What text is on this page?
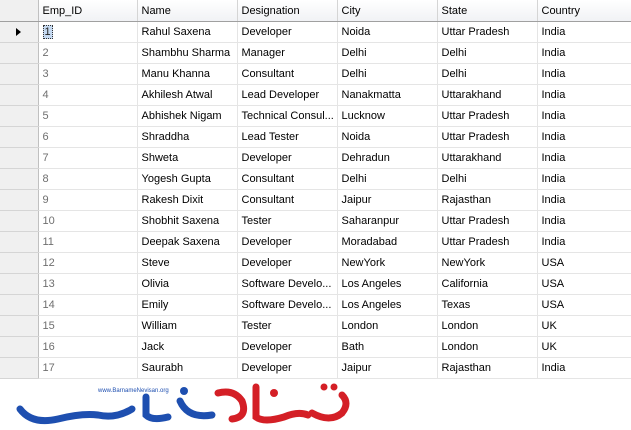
	Emp_ID	Name	Designation	City	State	Country
	1	Rahul Saxena	Developer	Noida	Uttar Pradesh	India
	2	Shambhu Sharma	Manager	Delhi	Delhi	India
	3	Manu Khanna	Consultant	Delhi	Delhi	India
	4	Akhilesh Atwal	Lead Developer	Nanakmatta	Uttarakhand	India
	5	Abhishek Nigam	Technical Consul...	Lucknow	Uttar Pradesh	India
	6	Shraddha	Lead Tester	Noida	Uttar Pradesh	India
	7	Shweta	Developer	Dehradun	Uttarakhand	India
	8	Yogesh Gupta	Consultant	Delhi	Delhi	India
	9	Rakesh Dixit	Consultant	Jaipur	Rajasthan	India
	10	Shobhit Saxena	Tester	Saharanpur	Uttar Pradesh	India
	11	Deepak Saxena	Developer	Moradabad	Uttar Pradesh	India
	12	Steve	Developer	NewYork	NewYork	USA
	13	Olivia	Software Develo...	Los Angeles	California	USA
	14	Emily	Software Develo...	Los Angeles	Texas	USA
	15	William	Tester	London	London	UK
	16	Jack	Developer	Bath	London	UK
	17	Saurabh	Developer	Jaipur	Rajasthan	India
www.BarnameNevisan.org
